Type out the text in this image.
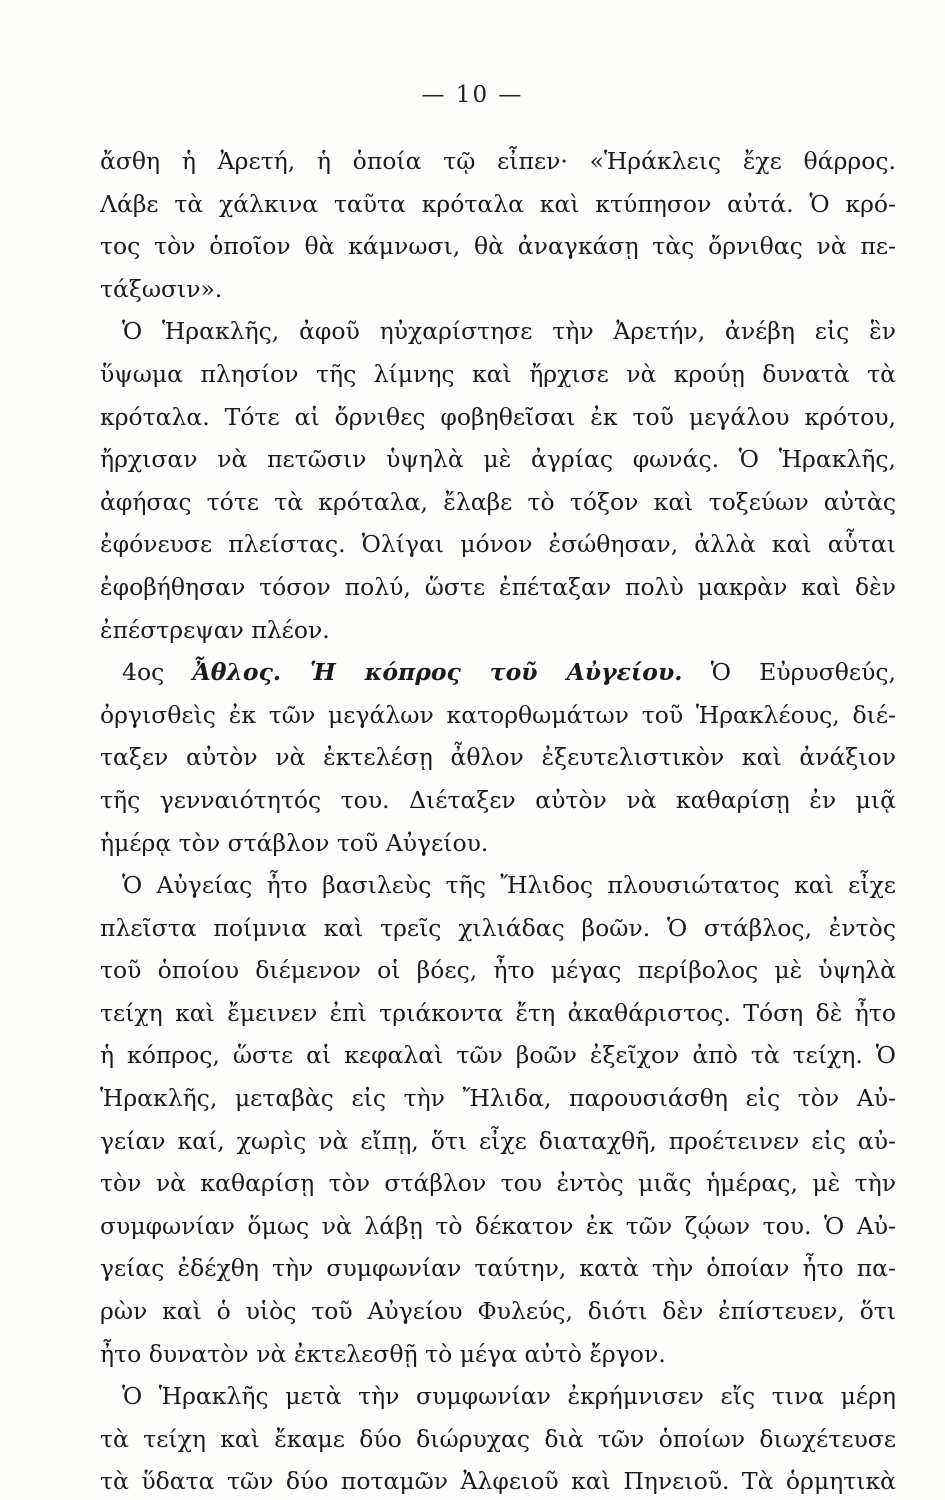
— 10 —
ἄσθη ἡ Ἀρετή, ἡ ὁποία τῷ εἶπεν· «Ἡράκλεις ἔχε θάρρος.
Λάβε τὰ χάλκινα ταῦτα κρόταλα καὶ κτύπησον αὐτά. Ὁ κρό-
τος τὸν ὁποῖον θὰ κάμνωσι, θὰ ἀναγκάσῃ τὰς ὄρνιθας νὰ πε-
τάξωσιν».
Ὁ Ἡρακλῆς, ἀφοῦ ηὐχαρίστησε τὴν Ἀρετήν, ἀνέβη εἰς ἓν
ὕψωμα πλησίον τῆς λίμνης καὶ ἤρχισε νὰ κρούῃ δυνατὰ τὰ
κρόταλα. Τότε αἱ ὄρνιθες φοβηθεῖσαι ἐκ τοῦ μεγάλου κρότου,
ἤρχισαν νὰ πετῶσιν ὑψηλὰ μὲ ἀγρίας φωνάς. Ὁ Ἡρακλῆς,
ἀφήσας τότε τὰ κρόταλα, ἔλαβε τὸ τόξον καὶ τοξεύων αὐτὰς
ἐφόνευσε πλείστας. Ὀλίγαι μόνον ἐσώθησαν, ἀλλὰ καὶ αὗται
ἐφοβήθησαν τόσον πολύ, ὥστε ἐπέταξαν πολὺ μακρὰν καὶ δὲν
ἐπέστρεψαν πλέον.
4ος Ἆθλος. Ἡ κόπρος τοῦ Αὐγείου. Ὁ Εὐρυσθεύς,
ὀργισθεὶς ἐκ τῶν μεγάλων κατορθωμάτων τοῦ Ἡρακλέους, διέ-
ταξεν αὐτὸν νὰ ἐκτελέσῃ ἆθλον ἐξευτελιστικὸν καὶ ἀνάξιον
τῆς γενναιότητός του. Διέταξεν αὐτὸν νὰ καθαρίσῃ ἐν μιᾷ
ἡμέρᾳ τὸν στάβλον τοῦ Αὐγείου.
Ὁ Αὐγείας ἦτο βασιλεὺς τῆς Ἤλιδος πλουσιώτατος καὶ εἶχε
πλεῖστα ποίμνια καὶ τρεῖς χιλιάδας βοῶν. Ὁ στάβλος, ἐντὸς
τοῦ ὁποίου διέμενον οἱ βόες, ἦτο μέγας περίβολος μὲ ὑψηλὰ
τείχη καὶ ἔμεινεν ἐπὶ τριάκοντα ἔτη ἀκαθάριστος. Τόση δὲ ἦτο
ἡ κόπρος, ὥστε αἱ κεφαλαὶ τῶν βοῶν ἐξεῖχον ἀπὸ τὰ τείχη. Ὁ
Ἡρακλῆς, μεταβὰς εἰς τὴν Ἤλιδα, παρουσιάσθη εἰς τὸν Αὐ-
γείαν καί, χωρὶς νὰ εἴπῃ, ὅτι εἶχε διαταχθῆ, προέτεινεν εἰς αὐ-
τὸν νὰ καθαρίσῃ τὸν στάβλον του ἐντὸς μιᾶς ἡμέρας, μὲ τὴν
συμφωνίαν ὅμως νὰ λάβῃ τὸ δέκατον ἐκ τῶν ζῴων του. Ὁ Αὐ-
γείας ἐδέχθη τὴν συμφωνίαν ταύτην, κατὰ τὴν ὁποίαν ἦτο πα-
ρὼν καὶ ὁ υἱὸς τοῦ Αὐγείου Φυλεύς, διότι δὲν ἐπίστευεν, ὅτι
ἦτο δυνατὸν νὰ ἐκτελεσθῇ τὸ μέγα αὐτὸ ἔργον.
Ὁ Ἡρακλῆς μετὰ τὴν συμφωνίαν ἐκρήμνισεν εἴς τινα μέρη
τὰ τείχη καὶ ἔκαμε δύο διώρυχας διὰ τῶν ὁποίων διωχέτευσε
τὰ ὕδατα τῶν δύο ποταμῶν Ἀλφειοῦ καὶ Πηνειοῦ. Τὰ ὁρμητικὰ
